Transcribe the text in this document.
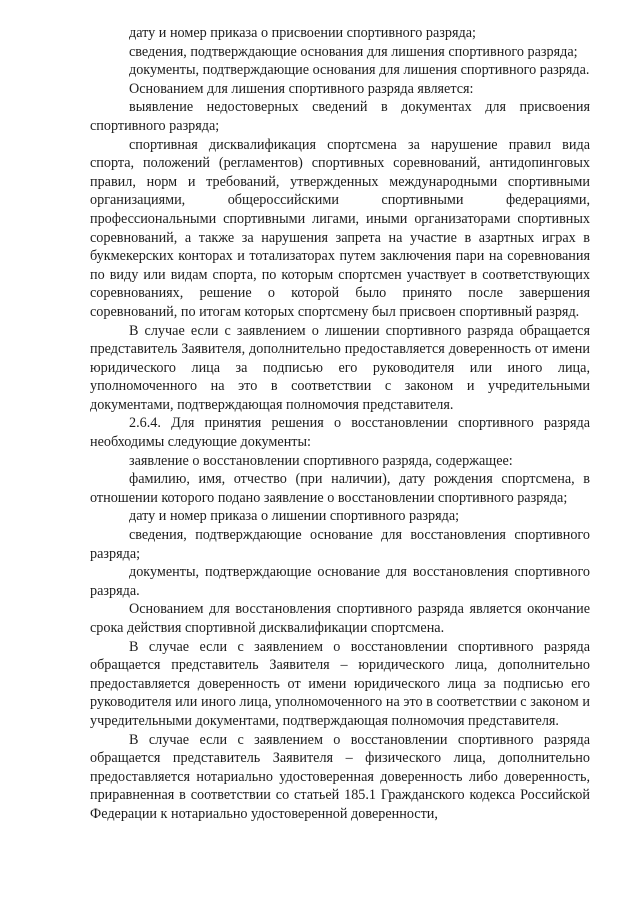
дату и номер приказа о присвоении спортивного разряда;

сведения, подтверждающие основания для лишения спортивного разряда;

документы, подтверждающие основания для лишения спортивного разряда.

Основанием для лишения спортивного разряда является:

выявление недостоверных сведений в документах для присвоения спортивного разряда;

спортивная дисквалификация спортсмена за нарушение правил вида спорта, положений (регламентов) спортивных соревнований, антидопинговых правил, норм и требований, утвержденных международными спортивными организациями, общероссийскими спортивными федерациями, профессиональными спортивными лигами, иными организаторами спортивных соревнований, а также за нарушения запрета на участие в азартных играх в букмекерских конторах и тотализаторах путем заключения пари на соревнования по виду или видам спорта, по которым спортсмен участвует в соответствующих соревнованиях, решение о которой было принято после завершения соревнований, по итогам которых спортсмену был присвоен спортивный разряд.

В случае если с заявлением о лишении спортивного разряда обращается представитель Заявителя, дополнительно предоставляется доверенность от имени юридического лица за подписью его руководителя или иного лица, уполномоченного на это в соответствии с законом и учредительными документами, подтверждающая полномочия представителя.

2.6.4. Для принятия решения о восстановлении спортивного разряда необходимы следующие документы:

заявление о восстановлении спортивного разряда, содержащее:

фамилию, имя, отчество (при наличии), дату рождения спортсмена, в отношении которого подано заявление о восстановлении спортивного разряда;

дату и номер приказа о лишении спортивного разряда;

сведения, подтверждающие основание для восстановления спортивного разряда;

документы, подтверждающие основание для восстановления спортивного разряда.

Основанием для восстановления спортивного разряда является окончание срока действия спортивной дисквалификации спортсмена.

В случае если с заявлением о восстановлении спортивного разряда обращается представитель Заявителя – юридического лица, дополнительно предоставляется доверенность от имени юридического лица за подписью его руководителя или иного лица, уполномоченного на это в соответствии с законом и учредительными документами, подтверждающая полномочия представителя.

В случае если с заявлением о восстановлении спортивного разряда обращается представитель Заявителя – физического лица, дополнительно предоставляется нотариально удостоверенная доверенность либо доверенность, приравненная в соответствии со статьей 185.1 Гражданского кодекса Российской Федерации к нотариально удостоверенной доверенности,
